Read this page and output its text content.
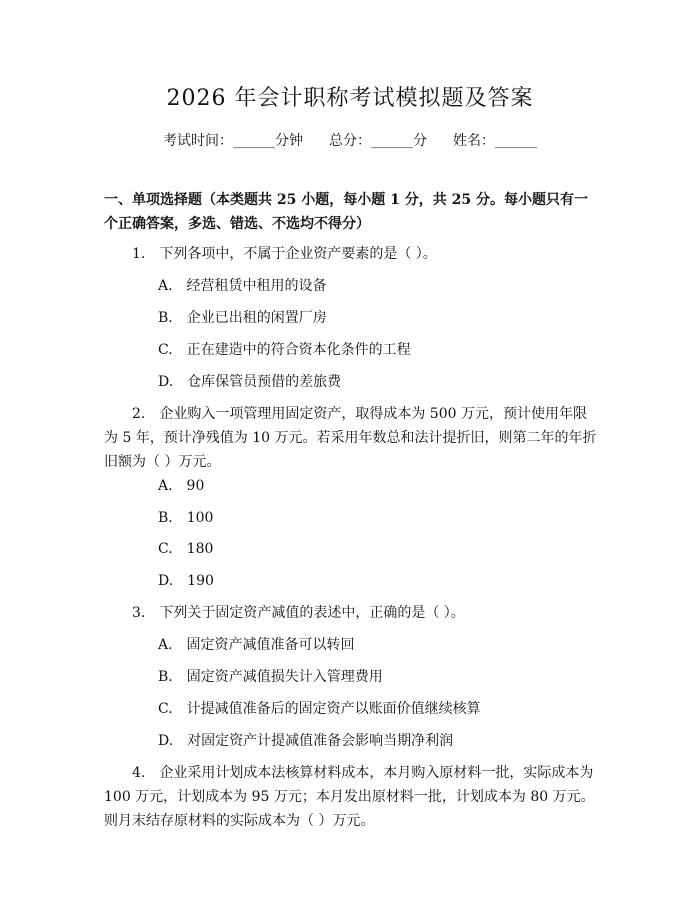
2026 年会计职称考试模拟题及答案
考试时间：______分钟 总分：______分 姓名：______
一、单项选择题（本类题共 25 小题，每小题 1 分，共 25 分。每小题只有一个正确答案，多选、错选、不选均不得分）
1.　下列各项中，不属于企业资产要素的是（ ）。
A.　经营租赁中租用的设备
B.　企业已出租的闲置厂房
C.　正在建造中的符合资本化条件的工程
D.　仓库保管员预借的差旅费
2.　企业购入一项管理用固定资产，取得成本为 500 万元，预计使用年限为 5 年，预计净残值为 10 万元。若采用年数总和法计提折旧，则第二年的年折旧额为（ ）万元。
A.　90
B.　100
C.　180
D.　190
3.　下列关于固定资产减值的表述中，正确的是（ ）。
A.　固定资产减值准备可以转回
B.　固定资产减值损失计入管理费用
C.　计提减值准备后的固定资产以账面价值继续核算
D.　对固定资产计提减值准备会影响当期净利润
4.　企业采用计划成本法核算材料成本，本月购入原材料一批，实际成本为 100 万元，计划成本为 95 万元；本月发出原材料一批，计划成本为 80 万元。则月末结存原材料的实际成本为（ ）万元。
